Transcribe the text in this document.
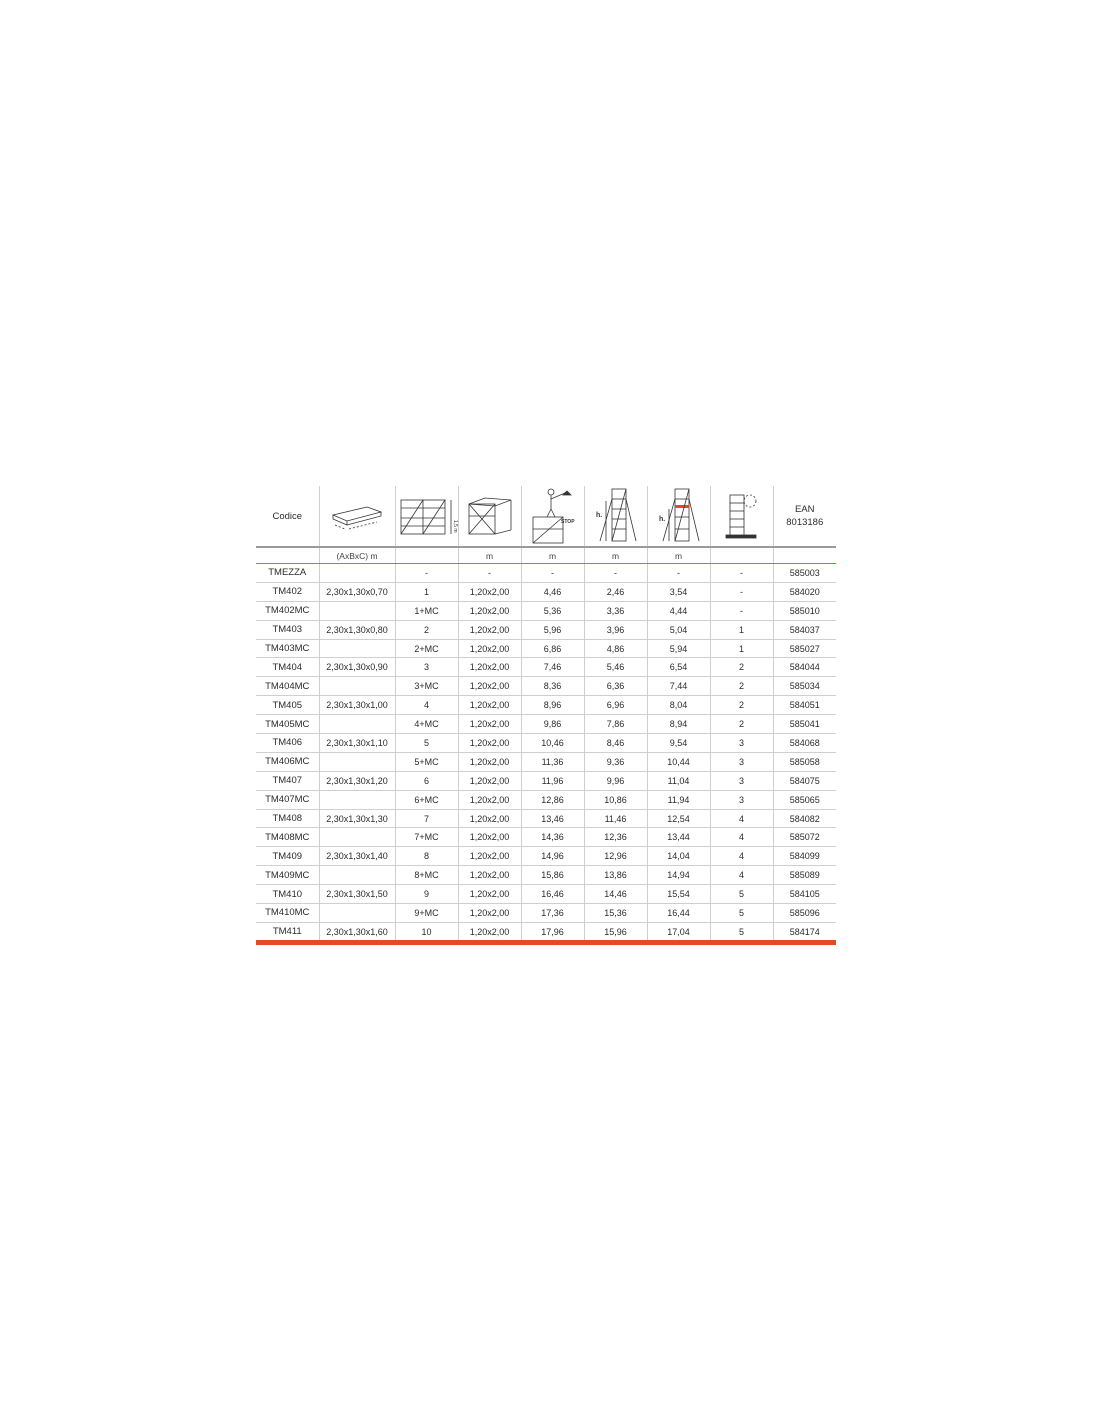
Codice		1,5 m		STOP	h.	h.		EAN
8013186

	(AxBxC) m		m	m	m	m		

TMEZZA		-	-	-	-	-	-	585003
TM402	2,30x1,30x0,70	1	1,20x2,00	4,46	2,46	3,54	-	584020
TM402MC		1+MC	1,20x2,00	5,36	3,36	4,44	-	585010
TM403	2,30x1,30x0,80	2	1,20x2,00	5,96	3,96	5,04	1	584037
TM403MC		2+MC	1,20x2,00	6,86	4,86	5,94	1	585027
TM404	2,30x1,30x0,90	3	1,20x2,00	7,46	5,46	6,54	2	584044
TM404MC		3+MC	1,20x2,00	8,36	6,36	7,44	2	585034
TM405	2,30x1,30x1,00	4	1,20x2,00	8,96	6,96	8,04	2	584051
TM405MC		4+MC	1,20x2,00	9,86	7,86	8,94	2	585041
TM406	2,30x1,30x1,10	5	1,20x2,00	10,46	8,46	9,54	3	584068
TM406MC		5+MC	1,20x2,00	11,36	9,36	10,44	3	585058
TM407	2,30x1,30x1,20	6	1,20x2,00	11,96	9,96	11,04	3	584075
TM407MC		6+MC	1,20x2,00	12,86	10,86	11,94	3	585065
TM408	2,30x1,30x1,30	7	1,20x2,00	13,46	11,46	12,54	4	584082
TM408MC		7+MC	1,20x2,00	14,36	12,36	13,44	4	585072
TM409	2,30x1,30x1,40	8	1,20x2,00	14,96	12,96	14,04	4	584099
TM409MC		8+MC	1,20x2,00	15,86	13,86	14,94	4	585089
TM410	2,30x1,30x1,50	9	1,20x2,00	16,46	14,46	15,54	5	584105
TM410MC		9+MC	1,20x2,00	17,36	15,36	16,44	5	585096
TM411	2,30x1,30x1,60	10	1,20x2,00	17,96	15,96	17,04	5	584174
